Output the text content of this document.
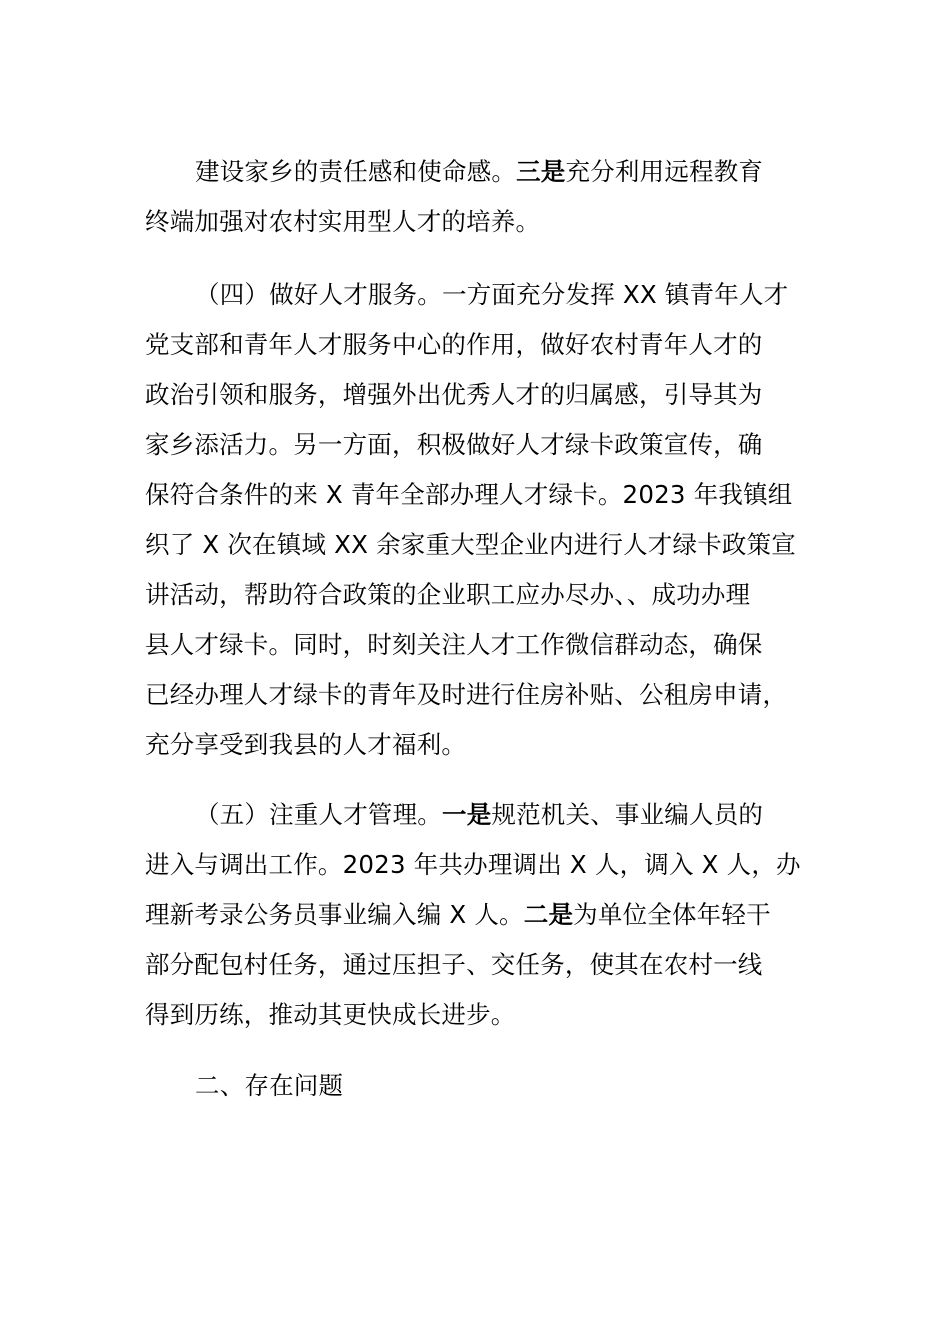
建设家乡的责任感和使命感。三是充分利用远程教育
终端加强对农村实用型人才的培养。
（四）做好人才服务。一方面充分发挥 XX 镇青年人才
党支部和青年人才服务中心的作用，做好农村青年人才的
政治引领和服务，增强外出优秀人才的归属感，引导其为
家乡添活力。另一方面，积极做好人才绿卡政策宣传，确
保符合条件的来 X 青年全部办理人才绿卡。2023 年我镇组
织了 X 次在镇域 XX 余家重大型企业内进行人才绿卡政策宣
讲活动，帮助符合政策的企业职工应办尽办、、成功办理
县人才绿卡。同时，时刻关注人才工作微信群动态，确保
已经办理人才绿卡的青年及时进行住房补贴、公租房申请，
充分享受到我县的人才福利。
（五）注重人才管理。一是规范机关、事业编人员的
进入与调出工作。2023 年共办理调出 X 人，调入 X 人，办
理新考录公务员事业编入编 X 人。二是为单位全体年轻干
部分配包村任务，通过压担子、交任务，使其在农村一线
得到历练，推动其更快成长进步。
二、存在问题
